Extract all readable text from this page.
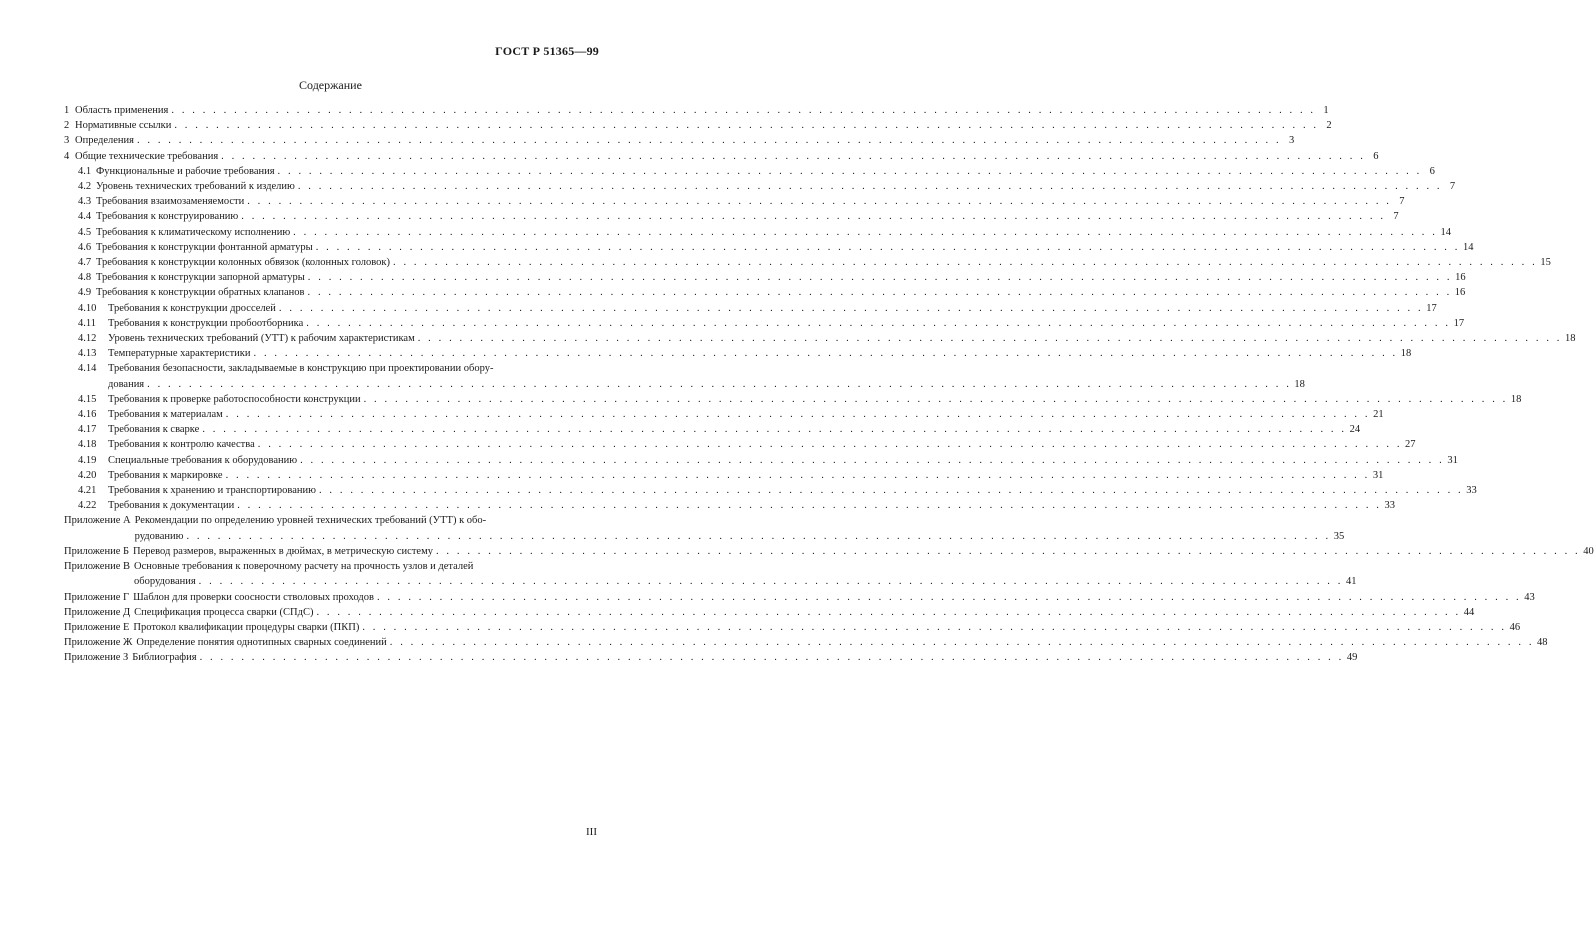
ГОСТ Р 51365—99
Содержание
1 Область применения . . .	1
2 Нормативные ссылки . . .	2
3 Определения . . .	3
4 Общие технические требования . . .	6
4.1 Функциональные и рабочие требования . . .	6
4.2 Уровень технических требований к изделию . . .	7
4.3 Требования взаимозаменяемости . . .	7
4.4 Требования к конструированию . . .	7
4.5 Требования к климатическому исполнению . . .	14
4.6 Требования к конструкции фонтанной арматуры . . .	14
4.7 Требования к конструкции колонных обвязок (колонных головок) . . .	15
4.8 Требования к конструкции запорной арматуры . . .	16
4.9 Требования к конструкции обратных клапанов . . .	16
4.10	Требования к конструкции дросселей . . .	17
4.11	Требования к конструкции пробоотборника . . .	17
4.12	Уровень технических требований (УТТ) к рабочим характеристикам . . .	18
4.13	Температурные характеристики . . .	18
4.14	Требования безопасности, закладываемые в конструкцию при проектировании обору-
дования . . .	18
4.15	Требования к проверке работоспособности конструкции . . .	18
4.16	Требования к материалам . . .	21
4.17	Требования к сварке . . .	24
4.18	Требования к контролю качества . . .	27
4.19	Специальные требования к оборудованию . . .	31
4.20	Требования к маркировке . . .	31
4.21	Требования к хранению и транспортированию . . .	33
4.22	Требования к документации . . .	33
Приложение А Рекомендации по определению уровней технических требований (УТТ) к обо-
рудованию . . .	35
Приложение Б Перевод размеров, выраженных в дюймах, в метрическую систему . . .	40
Приложение В Основные требования к поверочному расчету на прочность узлов и деталей
оборудования . . .	41
Приложение Г Шаблон для проверки соосности стволовых проходов . . .	43
Приложение Д Спецификация процесса сварки (СПдС) . . .	44
Приложение Е Протокол квалификации процедуры сварки (ПКП) . . .	46
Приложение Ж Определение понятия однотипных сварных соединений . . .	48
Приложение З Библиография . . .	49
III
